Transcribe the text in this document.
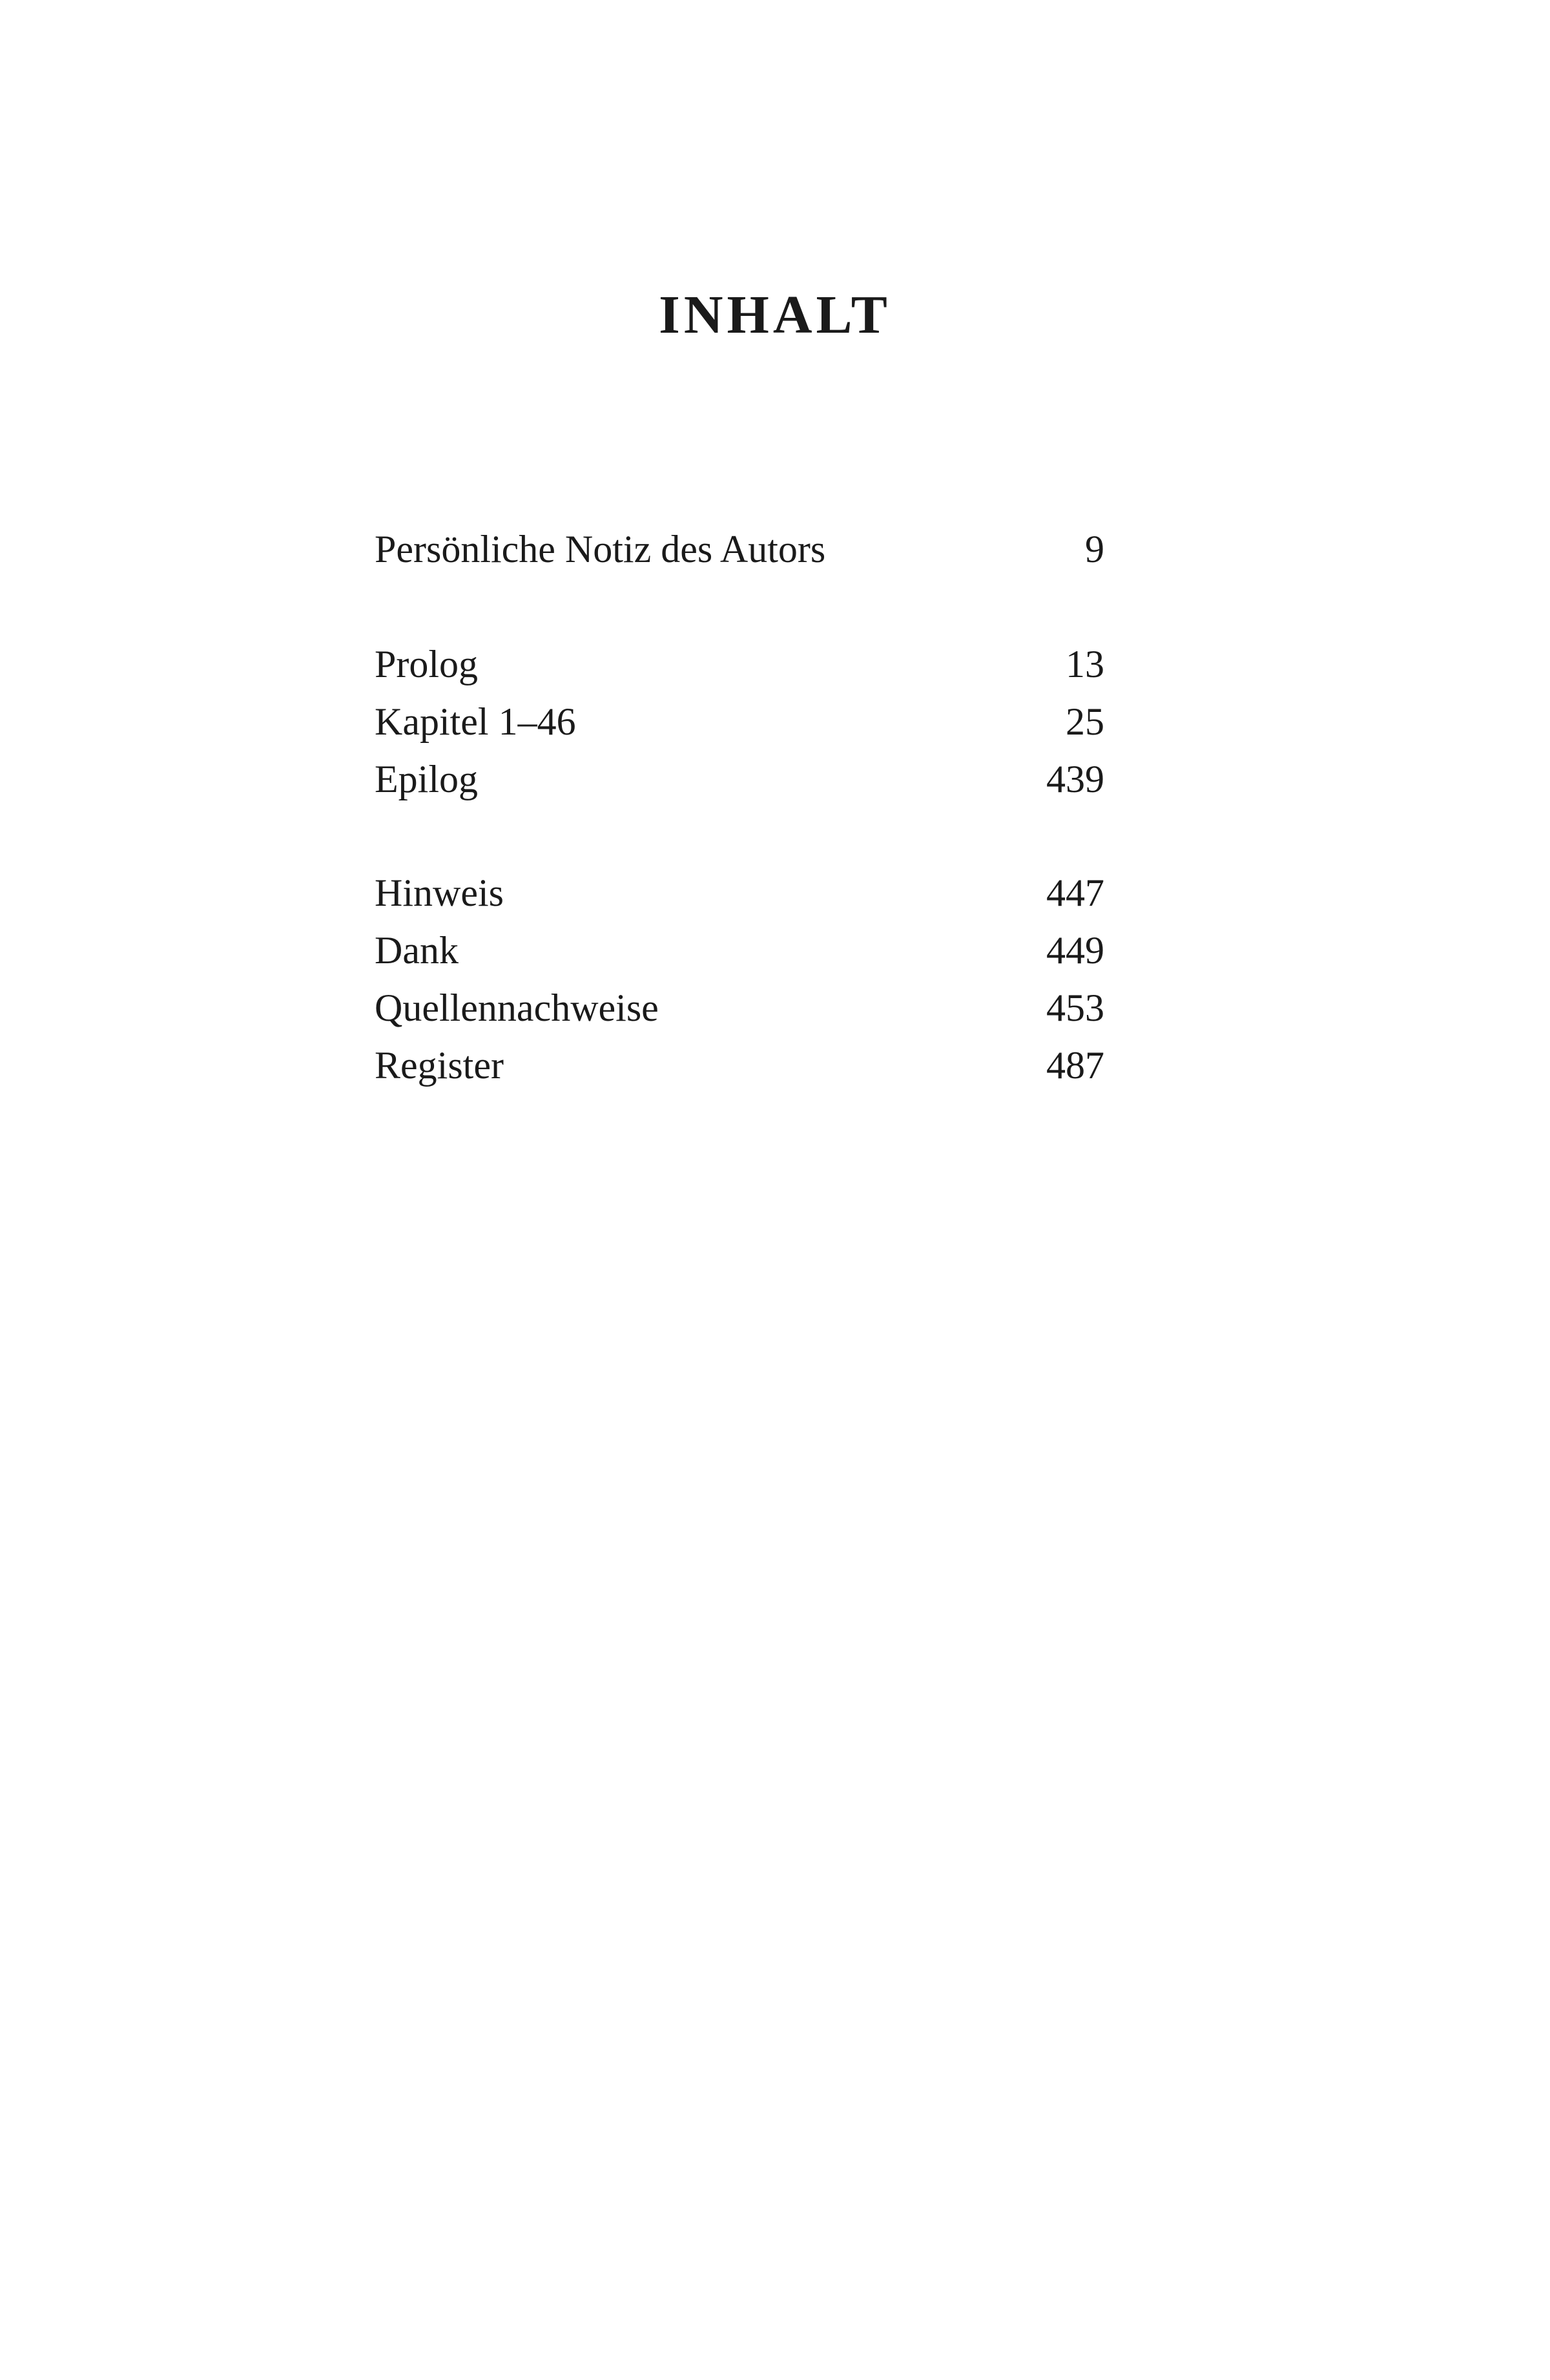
INHALT
Persönliche Notiz des Autors	9
Prolog	13
Kapitel 1–46	25
Epilog	439
Hinweis	447
Dank	449
Quellennachweise	453
Register	487
